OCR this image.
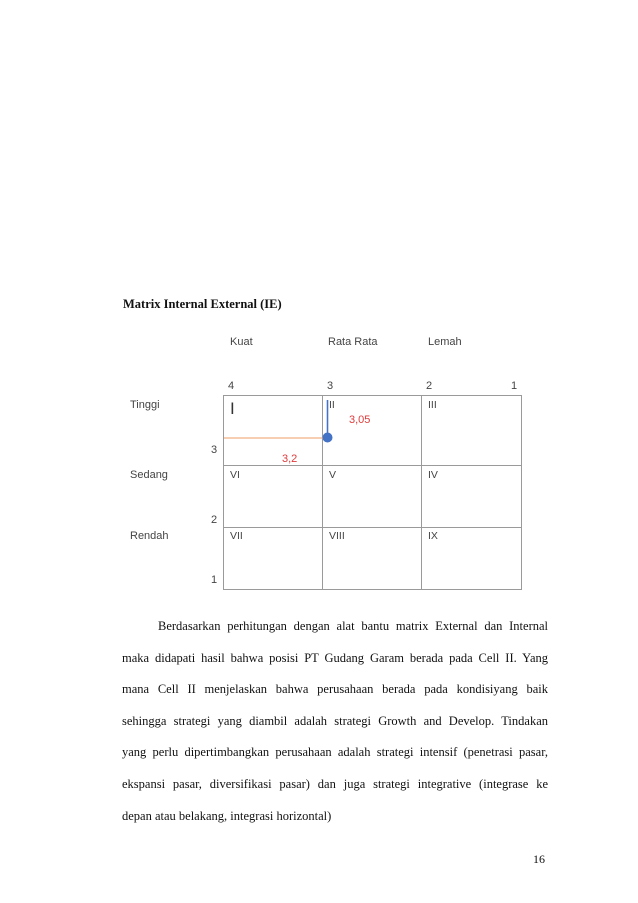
Matrix Internal External (IE)
Kuat	Rata Rata	Lemah
4	3	2	1
Tinggi
Sedang
Rendah
3
2
1
I	II	III
VI	V	IV
VII	VIII	IX
3,05
3,2
Berdasarkan perhitungan dengan alat bantu matrix External dan Internal
maka didapati hasil bahwa posisi PT Gudang Garam berada pada Cell II. Yang
mana Cell II menjelaskan bahwa perusahaan berada pada kondisiyang baik
sehingga strategi yang diambil adalah strategi Growth and Develop. Tindakan
yang perlu dipertimbangkan perusahaan adalah strategi intensif (penetrasi pasar,
ekspansi pasar, diversifikasi pasar) dan juga strategi integrative (integrase ke
depan atau belakang, integrasi horizontal)
16
